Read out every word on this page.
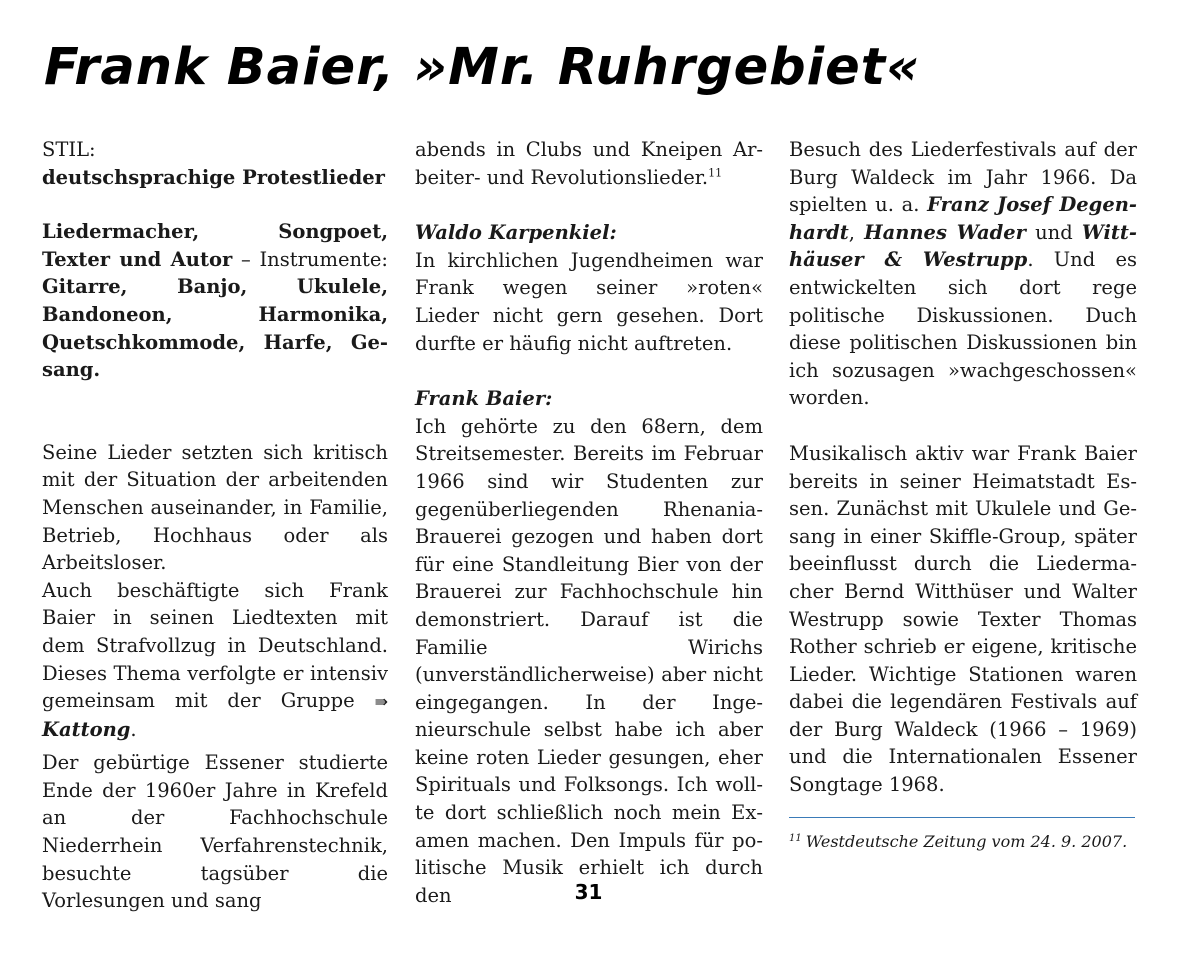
Frank Baier, »Mr. Ruhrgebiet«

STIL:

deutschsprachige Protestlieder

Liedermacher, Songpoet, Texter und Autor – Instrumente: Gitarre, Banjo, Ukulele, Bandoneon, Harmonika, Quetschkommode, Harfe, Gesang.

Seine Lieder setzten sich kritisch mit der Situation der arbeitenden Menschen auseinander, in Familie, Betrieb, Hochhaus oder als Arbeitsloser.

Auch beschäftigte sich Frank Baier in seinen Liedtexten mit dem Strafvollzug in Deutschland. Dieses Thema verfolgte er intensiv gemeinsam mit der Gruppe ⇛ Kattong.

Der gebürtige Essener studierte Ende der 1960er Jahre in Krefeld an der Fachhochschule Niederrhein Verfahrenstechnik, besuchte tagsüber die Vorlesungen und sang

abends in Clubs und Kneipen Arbeiter- und Revolutionslieder.$^{11}$

Waldo Karpenkiel:

In kirchlichen Jugendheimen war Frank wegen seiner »roten« Lieder nicht gern gesehen. Dort durfte er häufig nicht auftreten.

Frank Baier:

Ich gehörte zu den 68ern, dem Streitsemester. Bereits im Februar 1966 sind wir Studenten zur gegenüberliegenden Rhenania-Brauerei gezogen und haben dort für eine Standleitung Bier von der Brauerei zur Fachhochschule hin demonstriert. Darauf ist die Familie Wirichs (unverständlicherweise) aber nicht eingegangen. In der Ingenieurschule selbst habe ich aber keine roten Lieder gesungen, eher Spirituals und Folksongs. Ich wollte dort schließlich noch mein Examen machen. Den Impuls für politische Musik erhielt ich durch den

Besuch des Liederfestivals auf der Burg Waldeck im Jahr 1966. Da spielten u. a. Franz Josef Degenhardt, Hannes Wader und Witthäuser & Westrupp. Und es entwickelten sich dort rege politische Diskussionen. Duch diese politischen Diskussionen bin ich sozusagen »wachgeschossen« worden.

Musikalisch aktiv war Frank Baier bereits in seiner Heimatstadt Essen. Zunächst mit Ukulele und Gesang in einer Skiffle-Group, später beeinflusst durch die Liedermacher Bernd Witthüser und Walter Westrupp sowie Texter Thomas Rother schrieb er eigene, kritische Lieder. Wichtige Stationen waren dabei die legendären Festivals auf der Burg Waldeck (1966 – 1969) und die Internationalen Essener Songtage 1968.

$^{11}$ Westdeutsche Zeitung vom 24. 9. 2007.
31
